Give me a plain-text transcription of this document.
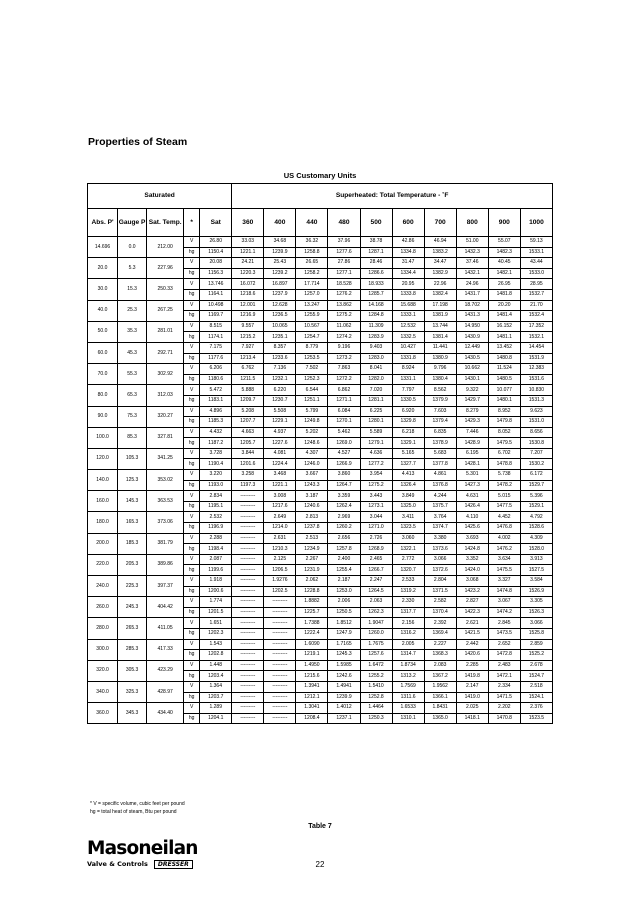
Properties of Steam
US Customary Units
Saturated					Superheated: Total Temperature - ˚F									
Abs. P'	Gauge P	Sat. Temp.	*	Sat	360	400	440	480	500	600	700	800	900	1000
14.696	0.0	212.00	V	26.80	33.03	34.68	36.32	37.96	38.78	42.86	46.94	51.00	55.07	59.13
			hg	1150.4	1221.1	1239.9	1258.8	1277.6	1287.1	1334.8	1383.2	1432.3	1482.3	1533.1
20.0	5.3	227.96	V	20.08	24.21	25.43	26.65	27.86	28.46	31.47	34.47	37.46	40.45	43.44
			hg	1156.3	1220.3	1239.2	1258.2	1277.1	1286.6	1334.4	1382.9	1432.1	1482.1	1533.0
30.0	15.3	250.33	V	13.746	16.072	16.897	17.714	18.528	18.933	20.95	22.96	24.96	26.95	28.95
			hg	1164.1	1218.6	1237.9	1257.0	1276.2	1285.7	1333.8	1382.4	1431.7	1481.8	1532.7
40.0	25.3	267.25	V	10.498	12.001	12.628	13.247	13.862	14.168	15.688	17.198	18.702	20.20	21.70
			hg	1169.7	1216.9	1236.5	1255.9	1275.2	1284.8	1333.1	1381.9	1431.3	1481.4	1532.4
50.0	35.3	281.01	V	8.515	9.557	10.065	10.567	11.062	11.309	12.532	13.744	14.950	16.152	17.352
			hg	1174.1	1215.2	1235.1	1254.7	1274.2	1283.9	1332.5	1381.4	1430.9	1481.1	1532.1
60.0	45.3	292.71	V	7.175	7.927	8.357	8.779	9.196	9.403	10.427	11.441	12.449	13.452	14.454
			hg	1177.6	1213.4	1233.6	1253.5	1273.2	1283.0	1331.8	1380.9	1430.5	1480.8	1531.9
70.0	55.3	302.92	V	6.206	6.762	7.136	7.502	7.863	8.041	8.924	9.796	10.662	11.524	12.383
			hg	1180.6	1211.5	1232.1	1252.3	1272.2	1282.0	1331.1	1380.4	1430.1	1480.5	1531.6
80.0	65.3	312.03	V	5.472	5.888	6.220	6.544	6.862	7.020	7.797	8.562	9.322	10.077	10.830
			hg	1183.1	1209.7	1230.7	1251.1	1271.1	1281.1	1330.5	1379.9	1429.7	1480.1	1531.3
90.0	75.3	320.27	V	4.896	5.208	5.508	5.799	6.084	6.225	6.920	7.603	8.279	8.952	9.623
			hg	1185.3	1207.7	1229.1	1249.8	1270.1	1280.1	1329.8	1379.4	1429.3	1479.8	1531.0
100.0	85.3	327.81	V	4.432	4.663	4.937	5.202	5.462	5.589	6.218	6.835	7.446	8.052	8.656
			hg	1187.2	1205.7	1227.6	1248.6	1269.0	1279.1	1329.1	1378.9	1428.9	1479.5	1530.8
120.0	105.3	341.25	V	3.728	3.844	4.081	4.307	4.527	4.636	5.165	5.683	6.195	6.702	7.207
			hg	1190.4	1201.6	1224.4	1246.0	1266.9	1277.2	1327.7	1377.8	1428.1	1478.8	1530.2
140.0	125.3	353.02	V	3.220	3.258	3.468	3.667	3.860	3.954	4.413	4.861	5.301	5.738	6.172
			hg	1193.0	1197.3	1221.1	1243.3	1264.7	1275.2	1326.4	1376.8	1427.3	1478.2	1529.7
160.0	145.3	363.53	V	2.834	---------	3.008	3.187	3.359	3.443	3.849	4.244	4.631	5.015	5.396
			hg	1195.1	---------	1217.6	1240.6	1262.4	1273.1	1325.0	1375.7	1426.4	1477.5	1529.1
180.0	165.3	373.06	V	2.532	---------	2.649	2.813	2.969	3.044	3.411	3.764	4.110	4.452	4.792
			hg	1196.9	---------	1214.0	1237.8	1260.2	1271.0	1323.5	1374.7	1425.6	1476.8	1528.6
200.0	185.3	381.79	V	2.288	---------	2.631	2.513	2.656	2.726	3.060	3.380	3.693	4.002	4.309
			hg	1198.4	---------	1210.3	1234.9	1257.8	1268.9	1322.1	1373.6	1424.8	1476.2	1528.0
220.0	205.3	389.86	V	2.087	---------	2.125	2.267	2.400	2.465	2.772	3.066	3.352	3.634	3.913
			hg	1199.6	---------	1206.5	1231.9	1255.4	1266.7	1320.7	1372.6	1424.0	1475.5	1527.5
240.0	225.3	397.37	V	1.918	---------	1.9276	2.062	2.187	2.247	2.533	2.804	3.068	3.327	3.584
			hg	1200.6	---------	1202.5	1228.8	1253.0	1264.5	1319.2	1371.5	1423.2	1474.8	1526.9
260.0	245.3	404.42	V	1.774	---------	---------	1.8882	2.006	2.063	2.330	2.582	2.827	3.067	3.305
			hg	1201.5	---------	---------	1225.7	1250.5	1262.3	1317.7	1370.4	1422.3	1474.2	1526.3
280.0	265.3	411.05	V	1.651	---------	---------	1.7388	1.8512	1.9047	2.156	2.392	2.621	2.845	3.066
			hg	1202.3	---------	---------	1222.4	1247.9	1260.0	1316.2	1369.4	1421.5	1473.5	1525.8
300.0	285.3	417.33	V	1.543	---------	---------	1.6090	1.7165	1.7675	2.005	2.227	2.442	2.652	2.859
			hg	1202.8	---------	---------	1219.1	1245.3	1257.6	1314.7	1368.3	1420.6	1472.8	1525.2
320.0	305.3	423.29	V	1.448	---------	---------	1.4950	1.5985	1.6472	1.8734	2.083	2.285	2.483	2.678
			hg	1203.4	---------	---------	1215.6	1242.6	1255.2	1313.2	1367.2	1419.8	1472.1	1524.7
340.0	325.3	428.97	V	1.364	---------	---------	1.3941	1.4941	1.5410	1.7569	1.9562	2.147	2.334	2.518
			hg	1203.7	---------	---------	1212.1	1239.9	1252.8	1311.6	1366.1	1419.0	1471.5	1524.1
360.0	345.3	434.40	V	1.289	---------	---------	1.3041	1.4012	1.4464	1.6533	1.8431	2.025	2.202	2.376
			hg	1204.1	---------	---------	1208.4	1237.1	1250.3	1310.1	1365.0	1418.1	1470.8	1523.5
* V = specific volume, cubic feet per pound
hg = total heat of steam, Btu per pound
Table 7
Masoneilan
Valve & Controls	DRESSER	22
